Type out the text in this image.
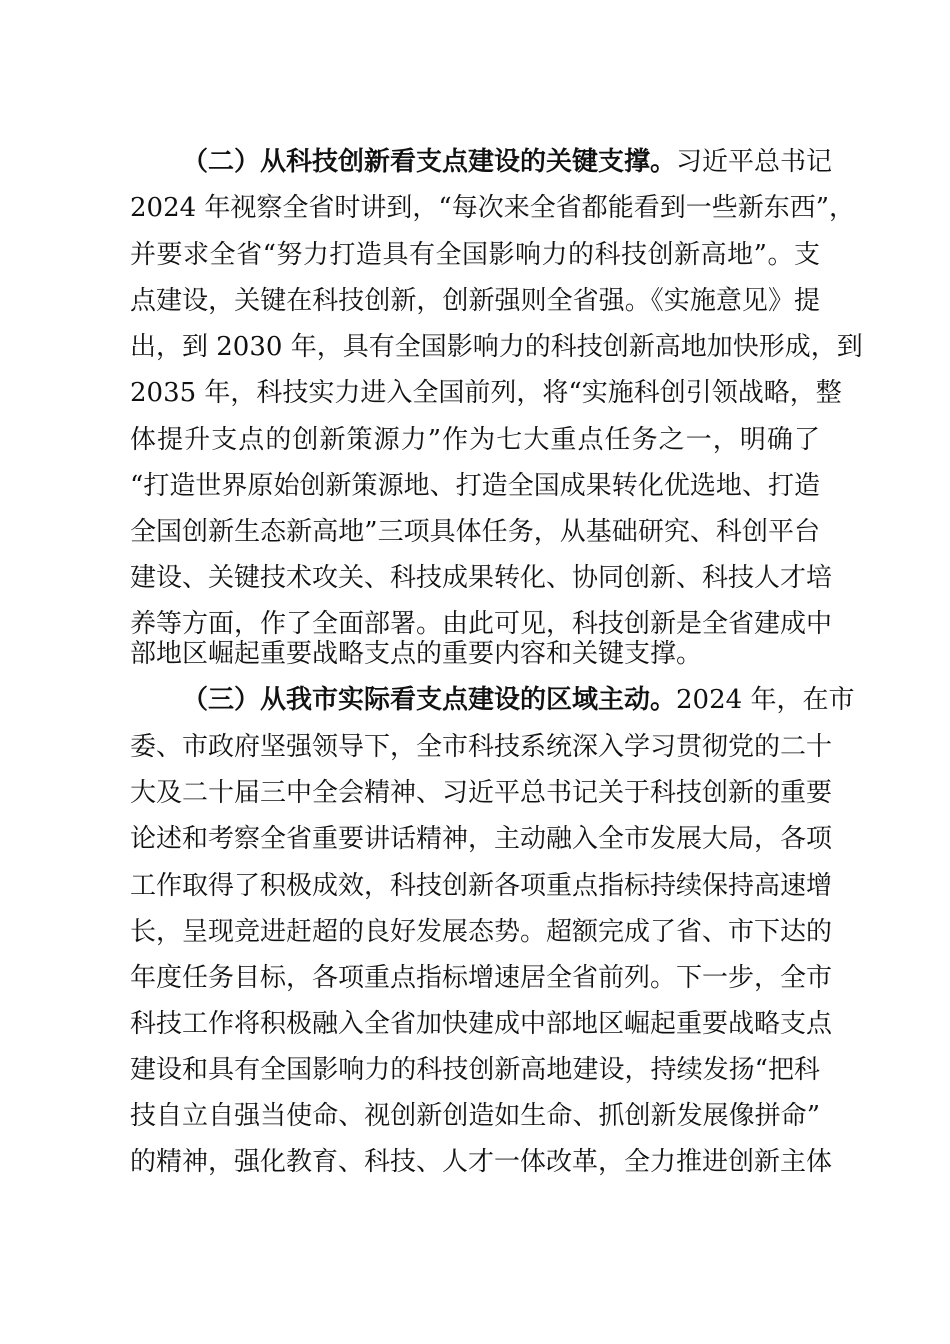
（二）从科技创新看支点建设的关键支撑。习近平总书记
2024 年视察全省时讲到，“每次来全省都能看到一些新东西”，
并要求全省“努力打造具有全国影响力的科技创新高地”。支
点建设，关键在科技创新，创新强则全省强。《实施意见》提
出，到 2030 年，具有全国影响力的科技创新高地加快形成，到
2035 年，科技实力进入全国前列，将“实施科创引领战略，整
体提升支点的创新策源力”作为七大重点任务之一，明确了
“打造世界原始创新策源地、打造全国成果转化优选地、打造
全国创新生态新高地”三项具体任务，从基础研究、科创平台
建设、关键技术攻关、科技成果转化、协同创新、科技人才培
养等方面，作了全面部署。由此可见，科技创新是全省建成中
部地区崛起重要战略支点的重要内容和关键支撑。
（三）从我市实际看支点建设的区域主动。2024 年，在市
委、市政府坚强领导下，全市科技系统深入学习贯彻党的二十
大及二十届三中全会精神、习近平总书记关于科技创新的重要
论述和考察全省重要讲话精神，主动融入全市发展大局，各项
工作取得了积极成效，科技创新各项重点指标持续保持高速增
长，呈现竞进赶超的良好发展态势。超额完成了省、市下达的
年度任务目标，各项重点指标增速居全省前列。下一步，全市
科技工作将积极融入全省加快建成中部地区崛起重要战略支点
建设和具有全国影响力的科技创新高地建设，持续发扬“把科
技自立自强当使命、视创新创造如生命、抓创新发展像拼命”
的精神，强化教育、科技、人才一体改革，全力推进创新主体
